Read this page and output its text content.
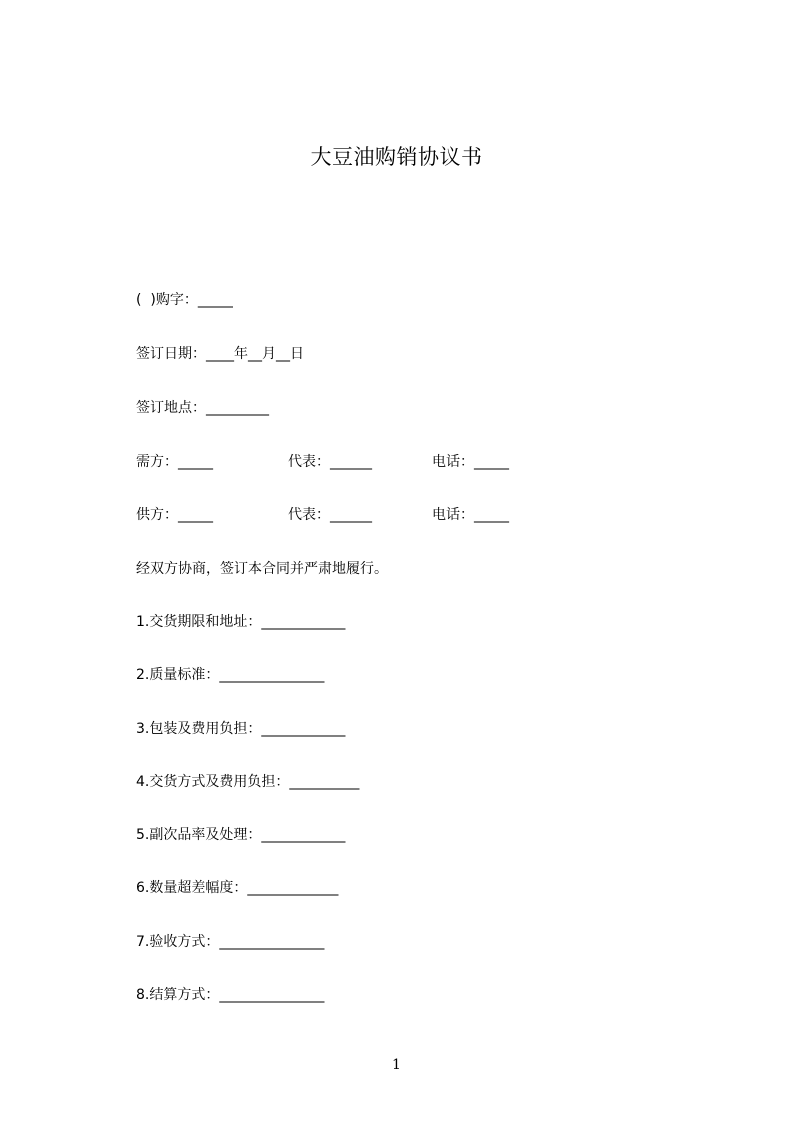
大豆油购销协议书
(  )购字：_____
签订日期：____年__月__日
签订地点：_________
需方：_____	代表：______	电话：_____
供方：_____	代表：______	电话：_____
经双方协商，签订本合同并严肃地履行。
1.交货期限和地址：____________
2.质量标准：_______________
3.包装及费用负担：____________
4.交货方式及费用负担：__________
5.副次品率及处理：____________
6.数量超差幅度：_____________
7.验收方式：_______________
8.结算方式：_______________
1
